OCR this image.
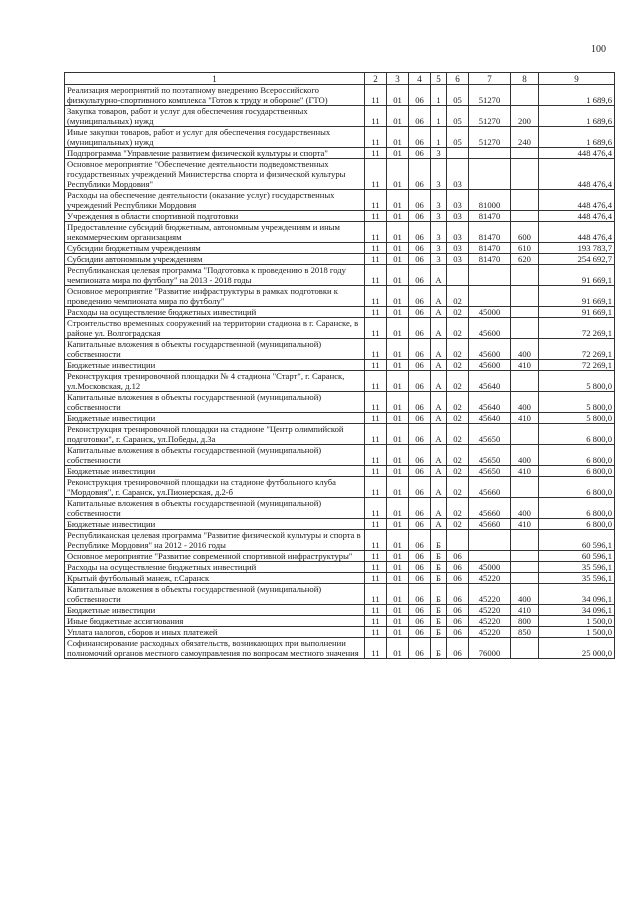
100
1	2	3	4	5	6	7	8	9
Реализация мероприятий по поэтапному внедрению Всероссийского физкультурно-спортивного комплекса "Готов к труду и обороне" (ГТО)	11	01	06	1	05	51270		1 689,6
Закупка товаров, работ и услуг для обеспечения государственных (муниципальных) нужд	11	01	06	1	05	51270	200	1 689,6
Иные закупки товаров, работ и услуг для обеспечения государственных (муниципальных) нужд	11	01	06	1	05	51270	240	1 689,6
Подпрограмма "Управление развитием физической культуры и спорта"	11	01	06	3				448 476,4
Основное мероприятие "Обеспечение деятельности подведомственных государственных учреждений Министерства спорта и физической культуры Республики Мордовия"	11	01	06	3	03			448 476,4
Расходы на обеспечение деятельности (оказание услуг) государственных учреждений Республики Мордовия	11	01	06	3	03	81000		448 476,4
Учреждения в области спортивной подготовки	11	01	06	3	03	81470		448 476,4
Предоставление субсидий бюджетным, автономным учреждениям и иным некоммерческим организациям	11	01	06	3	03	81470	600	448 476,4
Субсидии бюджетным учреждениям	11	01	06	3	03	81470	610	193 783,7
Субсидии автономным учреждениям	11	01	06	3	03	81470	620	254 692,7
Республиканская целевая программа "Подготовка к проведению в 2018 году чемпионата мира по футболу" на 2013 - 2018 годы	11	01	06	А				91 669,1
Основное мероприятие "Развитие инфраструктуры в рамках подготовки к проведению чемпионата мира по футболу"	11	01	06	А	02			91 669,1
Расходы на осуществление бюджетных инвестиций	11	01	06	А	02	45000		91 669,1
Строительство временных сооружений на территории стадиона в г. Саранске, в районе ул. Волгоградская	11	01	06	А	02	45600		72 269,1
Капитальные вложения в объекты государственной (муниципальной) собственности	11	01	06	А	02	45600	400	72 269,1
Бюджетные инвестиции	11	01	06	А	02	45600	410	72 269,1
Реконструкция тренировочной площадки № 4 стадиона "Старт", г. Саранск, ул.Московская, д.12	11	01	06	А	02	45640		5 800,0
Капитальные вложения в объекты государственной (муниципальной) собственности	11	01	06	А	02	45640	400	5 800,0
Бюджетные инвестиции	11	01	06	А	02	45640	410	5 800,0
Реконструкция тренировочной площадки на стадионе "Центр олимпийской подготовки", г. Саранск, ул.Победы, д.3а	11	01	06	А	02	45650		6 800,0
Капитальные вложения в объекты государственной (муниципальной) собственности	11	01	06	А	02	45650	400	6 800,0
Бюджетные инвестиции	11	01	06	А	02	45650	410	6 800,0
Реконструкция тренировочной площадки на стадионе футбольного клуба "Мордовия", г. Саранск, ул.Пионерская, д.2-б	11	01	06	А	02	45660		6 800,0
Капитальные вложения в объекты государственной (муниципальной) собственности	11	01	06	А	02	45660	400	6 800,0
Бюджетные инвестиции	11	01	06	А	02	45660	410	6 800,0
Республиканская целевая программа "Развитие физической культуры и спорта в Республике Мордовия" на 2012 - 2016 годы	11	01	06	Б				60 596,1
Основное мероприятие "Развитие современной спортивной инфраструктуры"	11	01	06	Б	06			60 596,1
Расходы на осуществление бюджетных инвестиций	11	01	06	Б	06	45000		35 596,1
Крытый футбольный манеж, г.Саранск	11	01	06	Б	06	45220		35 596,1
Капитальные вложения в объекты государственной (муниципальной) собственности	11	01	06	Б	06	45220	400	34 096,1
Бюджетные инвестиции	11	01	06	Б	06	45220	410	34 096,1
Иные бюджетные ассигнования	11	01	06	Б	06	45220	800	1 500,0
Уплата налогов, сборов и иных платежей	11	01	06	Б	06	45220	850	1 500,0
Софинансирование расходных обязательств, возникающих при выполнении полномочий органов местного самоуправления по вопросам местного значения	11	01	06	Б	06	76000		25 000,0
